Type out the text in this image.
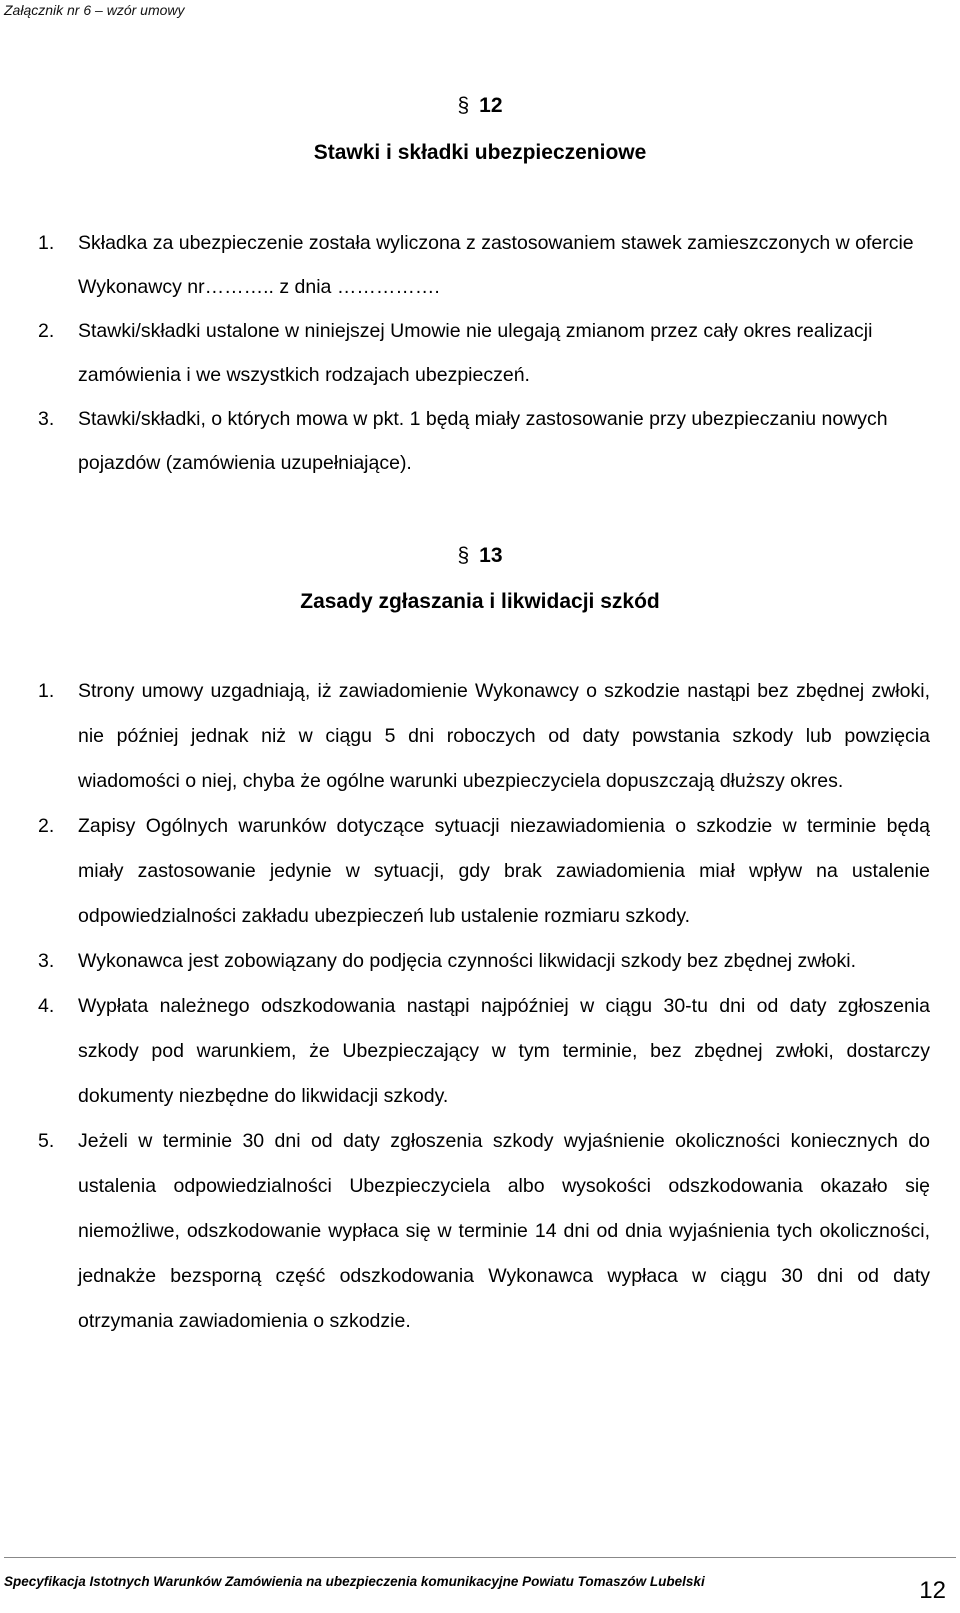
Załącznik nr 6 – wzór umowy
§ 12
Stawki i składki ubezpieczeniowe
1. Składka za ubezpieczenie została wyliczona z zastosowaniem stawek zamieszczonych w ofercie Wykonawcy nr……….. z dnia …………….
2. Stawki/składki ustalone w niniejszej Umowie nie ulegają zmianom przez cały okres realizacji zamówienia i we wszystkich rodzajach ubezpieczeń.
3. Stawki/składki, o których mowa w pkt. 1 będą miały zastosowanie przy ubezpieczaniu nowych pojazdów (zamówienia uzupełniające).
§ 13
Zasady zgłaszania i likwidacji szkód
1. Strony umowy uzgadniają, iż zawiadomienie Wykonawcy o szkodzie nastąpi bez zbędnej zwłoki, nie później jednak niż w ciągu 5 dni roboczych od daty powstania szkody lub powzięcia wiadomości o niej, chyba że ogólne warunki ubezpieczyciela dopuszczają dłuższy okres.
2. Zapisy Ogólnych warunków dotyczące sytuacji niezawiadomienia o szkodzie w terminie będą miały zastosowanie jedynie w sytuacji, gdy brak zawiadomienia miał wpływ na ustalenie odpowiedzialności zakładu ubezpieczeń lub ustalenie rozmiaru szkody.
3. Wykonawca jest zobowiązany do podjęcia czynności likwidacji szkody bez zbędnej zwłoki.
4. Wypłata należnego odszkodowania nastąpi najpóźniej w ciągu 30-tu dni od daty zgłoszenia szkody pod warunkiem, że Ubezpieczający w tym terminie, bez zbędnej zwłoki, dostarczy dokumenty niezbędne do likwidacji szkody.
5. Jeżeli w terminie 30 dni od daty zgłoszenia szkody wyjaśnienie okoliczności koniecznych do ustalenia odpowiedzialności Ubezpieczyciela albo wysokości odszkodowania okazało się niemożliwe, odszkodowanie wypłaca się w terminie 14 dni od dnia wyjaśnienia tych okoliczności, jednakże bezsporną część odszkodowania Wykonawca wypłaca w ciągu 30 dni od daty otrzymania zawiadomienia o szkodzie.
Specyfikacja Istotnych Warunków Zamówienia na ubezpieczenia komunikacyjne Powiatu Tomaszów Lubelski	12
